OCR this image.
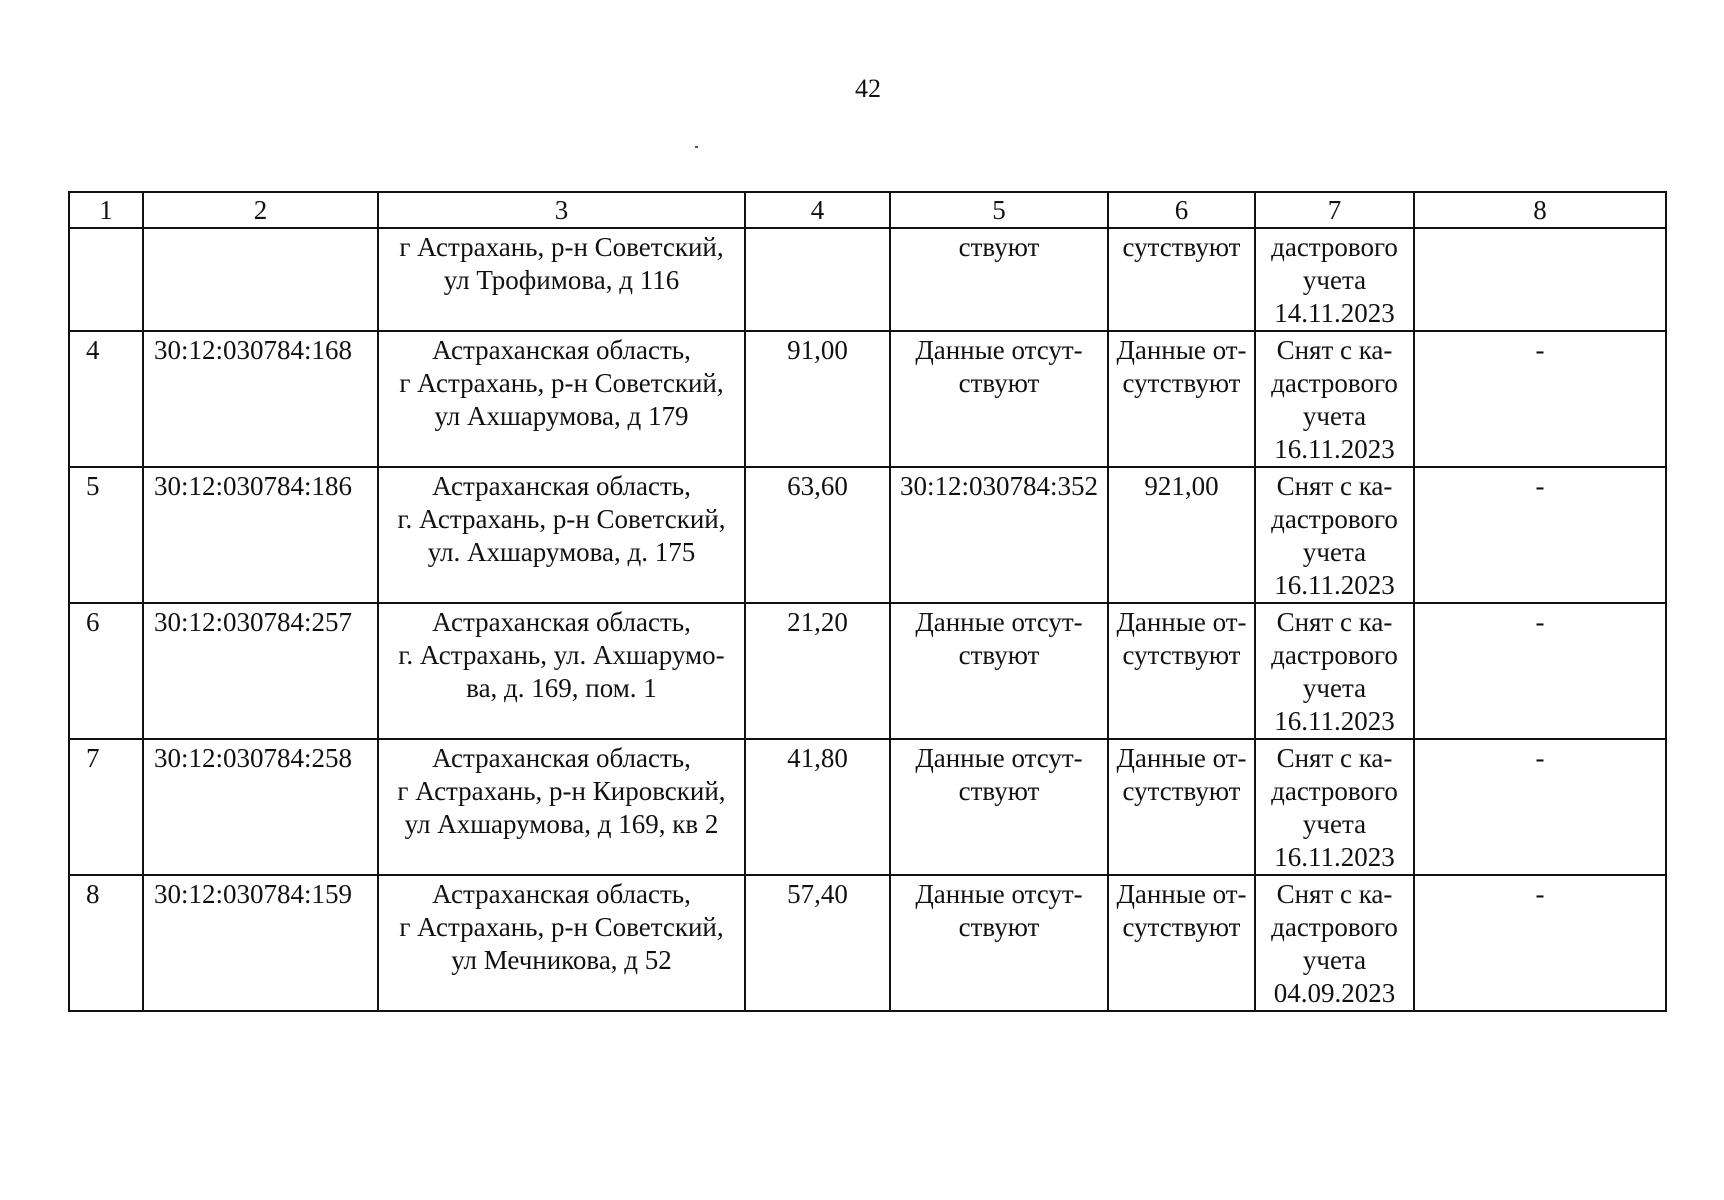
42
1	2	3	4	5	6	7	8
		г Астрахань, р-н Советский,
ул Трофимова, д 116		ствуют	сутствуют	дастрового
учета
14.11.2023	
4	30:12:030784:168	Астраханская область,
г Астрахань, р-н Советский,
ул Ахшарумова, д 179	91,00	Данные отсут-
ствуют	Данные от-
сутствуют	Снят с ка-
дастрового
учета
16.11.2023	-
5	30:12:030784:186	Астраханская область,
г. Астрахань, р-н Советский,
ул. Ахшарумова, д. 175	63,60	30:12:030784:352	921,00	Снят с ка-
дастрового
учета
16.11.2023	-
6	30:12:030784:257	Астраханская область,
г. Астрахань, ул. Ахшарумо-
ва, д. 169, пом. 1	21,20	Данные отсут-
ствуют	Данные от-
сутствуют	Снят с ка-
дастрового
учета
16.11.2023	-
7	30:12:030784:258	Астраханская область,
г Астрахань, р-н Кировский,
ул Ахшарумова, д 169, кв 2	41,80	Данные отсут-
ствуют	Данные от-
сутствуют	Снят с ка-
дастрового
учета
16.11.2023	-
8	30:12:030784:159	Астраханская область,
г Астрахань, р-н Советский,
ул Мечникова, д 52	57,40	Данные отсут-
ствуют	Данные от-
сутствуют	Снят с ка-
дастрового
учета
04.09.2023	-
